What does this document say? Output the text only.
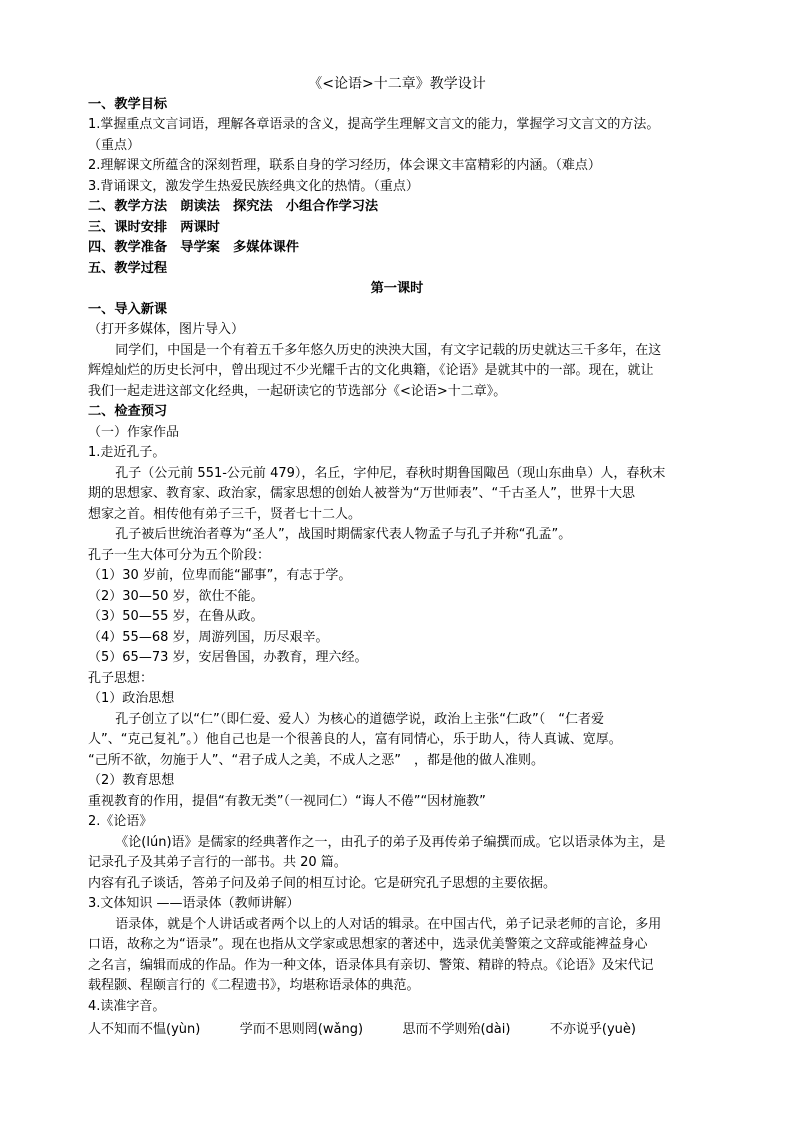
《<论语>十二章》教学设计
一、教学目标
1.掌握重点文言词语，理解各章语录的含义，提高学生理解文言文的能力，掌握学习文言文的方法。
（重点）
2.理解课文所蕴含的深刻哲理，联系自身的学习经历，体会课文丰富精彩的内涵。（难点）
3.背诵课文，激发学生热爱民族经典文化的热情。（重点）
二、教学方法　朗读法　探究法　小组合作学习法
三、课时安排　两课时
四、教学准备　导学案　多媒体课件
五、教学过程
第一课时
一、导入新课
（打开多媒体，图片导入）
同学们，中国是一个有着五千多年悠久历史的泱泱大国，有文字记载的历史就达三千多年，在这
辉煌灿烂的历史长河中，曾出现过不少光耀千古的文化典籍，《论语》是就其中的一部。现在，就让
我们一起走进这部文化经典，一起研读它的节选部分《<论语>十二章》。
二、检查预习
（一）作家作品
1.走近孔子。
孔子（公元前 551-公元前 479），名丘，字仲尼，春秋时期鲁国陬邑（现山东曲阜）人，春秋末
期的思想家、教育家、政治家，儒家思想的创始人被誉为“万世师表”、“千古圣人”，世界十大思
想家之首。相传他有弟子三千，贤者七十二人。
孔子被后世统治者尊为“圣人”，战国时期儒家代表人物孟子与孔子并称“孔孟”。
孔子一生大体可分为五个阶段：
（1）30 岁前，位卑而能“鄙事”，有志于学。
（2）30—50 岁，欲仕不能。
（3）50—55 岁，在鲁从政。
（4）55—68 岁，周游列国，历尽艰辛。
（5）65—73 岁，安居鲁国，办教育，理六经。
孔子思想：
（1）政治思想
孔子创立了以“仁”（即仁爱、爱人）为核心的道德学说，政治上主张“仁政”（　“仁者爱
人”、“克己复礼”。）他自己也是一个很善良的人，富有同情心，乐于助人，待人真诚、宽厚。
“己所不欲，勿施于人”、“君子成人之美，不成人之恶”　，都是他的做人准则。
（2）教育思想
重视教育的作用，提倡“有教无类”（一视同仁）“诲人不倦”“因材施教”
2.《论语》
《论(lún)语》是儒家的经典著作之一，由孔子的弟子及再传弟子编撰而成。它以语录体为主，是
记录孔子及其弟子言行的一部书。共 20 篇。
内容有孔子谈话，答弟子问及弟子间的相互讨论。它是研究孔子思想的主要依据。
3.文体知识 ——语录体（教师讲解）
语录体，就是个人讲话或者两个以上的人对话的辑录。在中国古代，弟子记录老师的言论，多用
口语，故称之为“语录”。现在也指从文学家或思想家的著述中，选录优美警策之文辞或能裨益身心
之名言，编辑而成的作品。作为一种文体，语录体具有亲切、警策、精辟的特点。《论语》及宋代记
载程颢、程颐言行的《二程遗书》，均堪称语录体的典范。
4.读准字音。
人不知而不愠(yùn)	学而不思则罔(wǎng)	思而不学则殆(dài)	不亦说乎(yuè)
